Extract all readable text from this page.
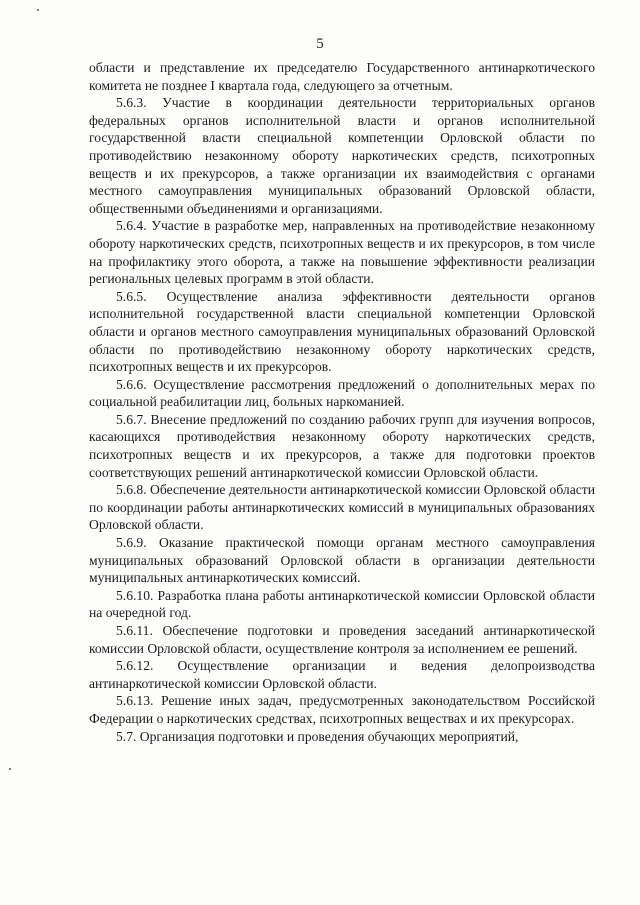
5

области и представление их председателю Государственного антинаркотического комитета не позднее I квартала года, следующего за отчетным.

5.6.3. Участие в координации деятельности территориальных органов федеральных органов исполнительной власти и органов исполнительной государственной власти специальной компетенции Орловской области по противодействию незаконному обороту наркотических средств, психотропных веществ и их прекурсоров, а также организации их взаимодействия с органами местного самоуправления муниципальных образований Орловской области, общественными объединениями и организациями.

5.6.4. Участие в разработке мер, направленных на противодействие незаконному обороту наркотических средств, психотропных веществ и их прекурсоров, в том числе на профилактику этого оборота, а также на повышение эффективности реализации региональных целевых программ в этой области.

5.6.5. Осуществление анализа эффективности деятельности органов исполнительной государственной власти специальной компетенции Орловской области и органов местного самоуправления муниципальных образований Орловской области по противодействию незаконному обороту наркотических средств, психотропных веществ и их прекурсоров.

5.6.6. Осуществление рассмотрения предложений о дополнительных мерах по социальной реабилитации лиц, больных наркоманией.

5.6.7. Внесение предложений по созданию рабочих групп для изучения вопросов, касающихся противодействия незаконному обороту наркотических средств, психотропных веществ и их прекурсоров, а также для подготовки проектов соответствующих решений антинаркотической комиссии Орловской области.

5.6.8. Обеспечение деятельности антинаркотической комиссии Орловской области по координации работы антинаркотических комиссий в муниципальных образованиях Орловской области.

5.6.9. Оказание практической помощи органам местного самоуправления муниципальных образований Орловской области в организации деятельности муниципальных антинаркотических комиссий.

5.6.10. Разработка плана работы антинаркотической комиссии Орловской области на очередной год.

5.6.11. Обеспечение подготовки и проведения заседаний антинаркотической комиссии Орловской области, осуществление контроля за исполнением ее решений.

5.6.12. Осуществление организации и ведения делопроизводства антинаркотической комиссии Орловской области.

5.6.13. Решение иных задач, предусмотренных законодательством Российской Федерации о наркотических средствах, психотропных веществах и их прекурсорах.

5.7. Организация подготовки и проведения обучающих мероприятий,
